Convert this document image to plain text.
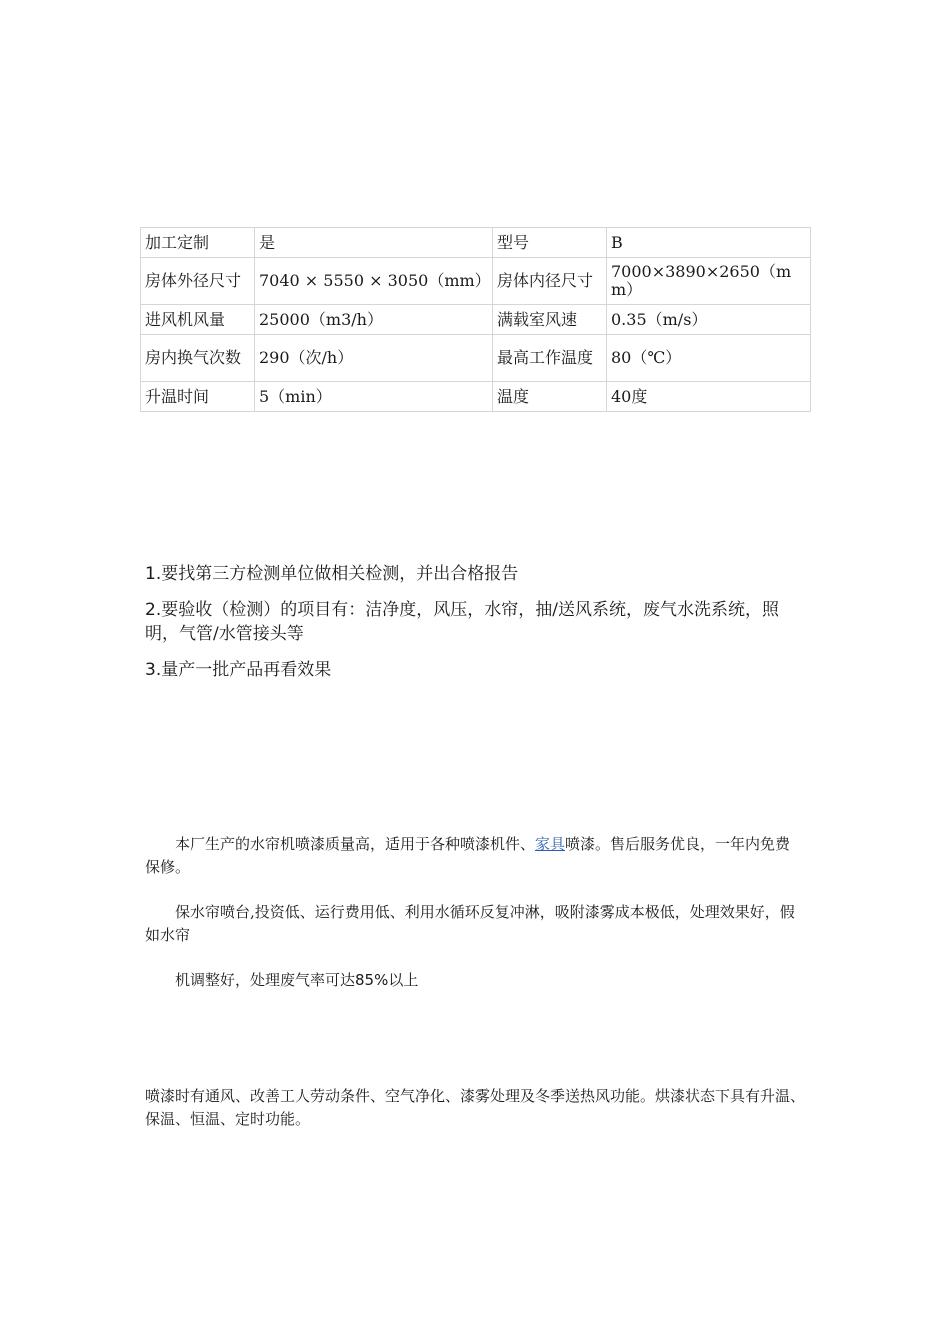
加工定制	是	型号	B
房体外径尺寸	7040 × 5550 × 3050（mm）	房体内径尺寸	7000×3890×2650（mm）
进风机风量	25000（m3/h）	满载室风速	0.35（m/s）
房内换气次数	290（次/h）	最高工作温度	80（℃）
升温时间	5（min）	温度	40度

1.要找第三方检测单位做相关检测，并出合格报告

2.要验收（检测）的项目有：洁净度，风压，水帘，抽/送风系统，废气水洗系统，照明，气管/水管接头等

3.量产一批产品再看效果

本厂生产的水帘机喷漆质量高，适用于各种喷漆机件、家具喷漆。售后服务优良，一年内免费保修。

保水帘喷台,投资低、运行费用低、利用水循环反复冲淋，吸附漆雾成本极低，处理效果好，假如水帘

机调整好，处理废气率可达85%以上

喷漆时有通风、改善工人劳动条件、空气净化、漆雾处理及冬季送热风功能。烘漆状态下具有升温、保温、恒温、定时功能。
